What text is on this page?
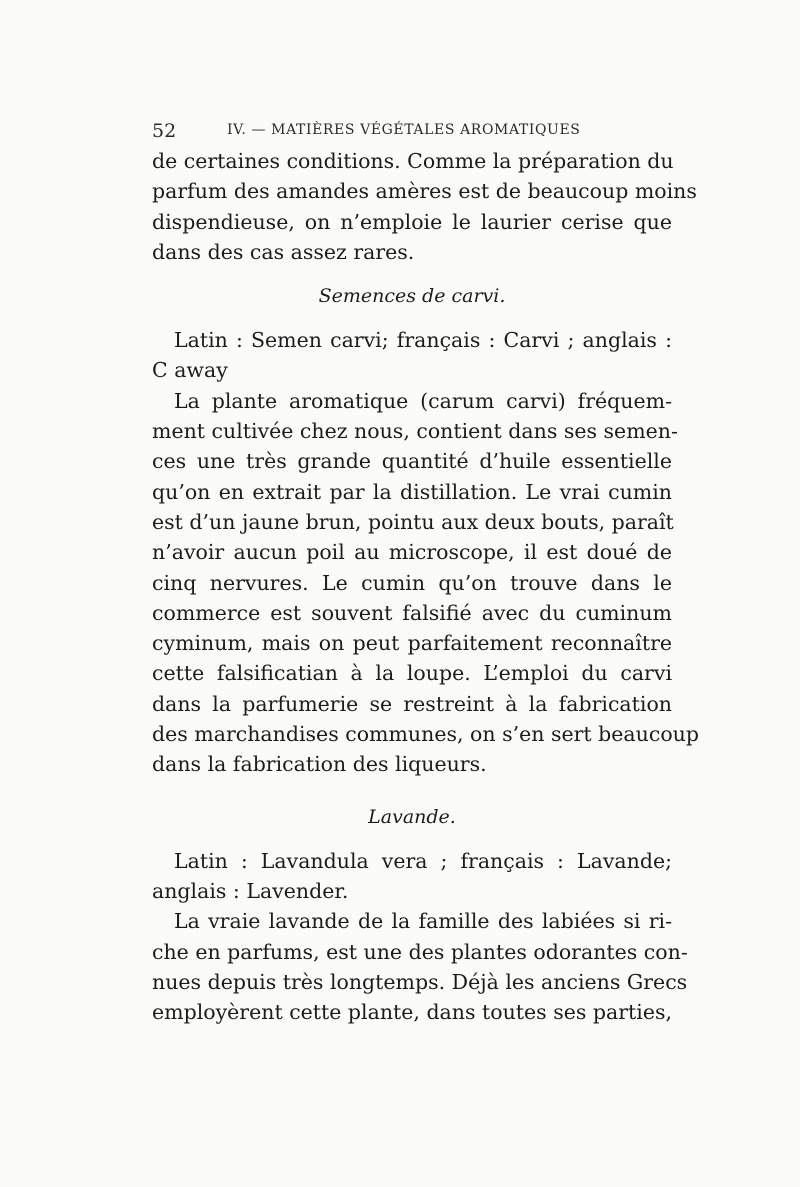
52	IV. — MATIÈRES VÉGÉTALES AROMATIQUES
de certaines conditions. Comme la préparation du
parfum des amandes amères est de beaucoup moins
dispendieuse, on n’emploie le laurier cerise que
dans des cas assez rares.
Semences de carvi.
Latin : Semen carvi; français : Carvi ; anglais :
C away
La plante aromatique (carum carvi) fréquem-
ment cultivée chez nous, contient dans ses semen-
ces une très grande quantité d’huile essentielle
qu’on en extrait par la distillation. Le vrai cumin
est d’un jaune brun, pointu aux deux bouts, paraît
n’avoir aucun poil au microscope, il est doué de
cinq nervures. Le cumin qu’on trouve dans le
commerce est souvent falsifié avec du cuminum
cyminum, mais on peut parfaitement reconnaître
cette falsificatian à la loupe. L’emploi du carvi
dans la parfumerie se restreint à la fabrication
des marchandises communes, on s’en sert beaucoup
dans la fabrication des liqueurs.
Lavande.
Latin : Lavandula vera ; français : Lavande;
anglais : Lavender.
La vraie lavande de la famille des labiées si ri-
che en parfums, est une des plantes odorantes con-
nues depuis très longtemps. Déjà les anciens Grecs
employèrent cette plante, dans toutes ses parties,
